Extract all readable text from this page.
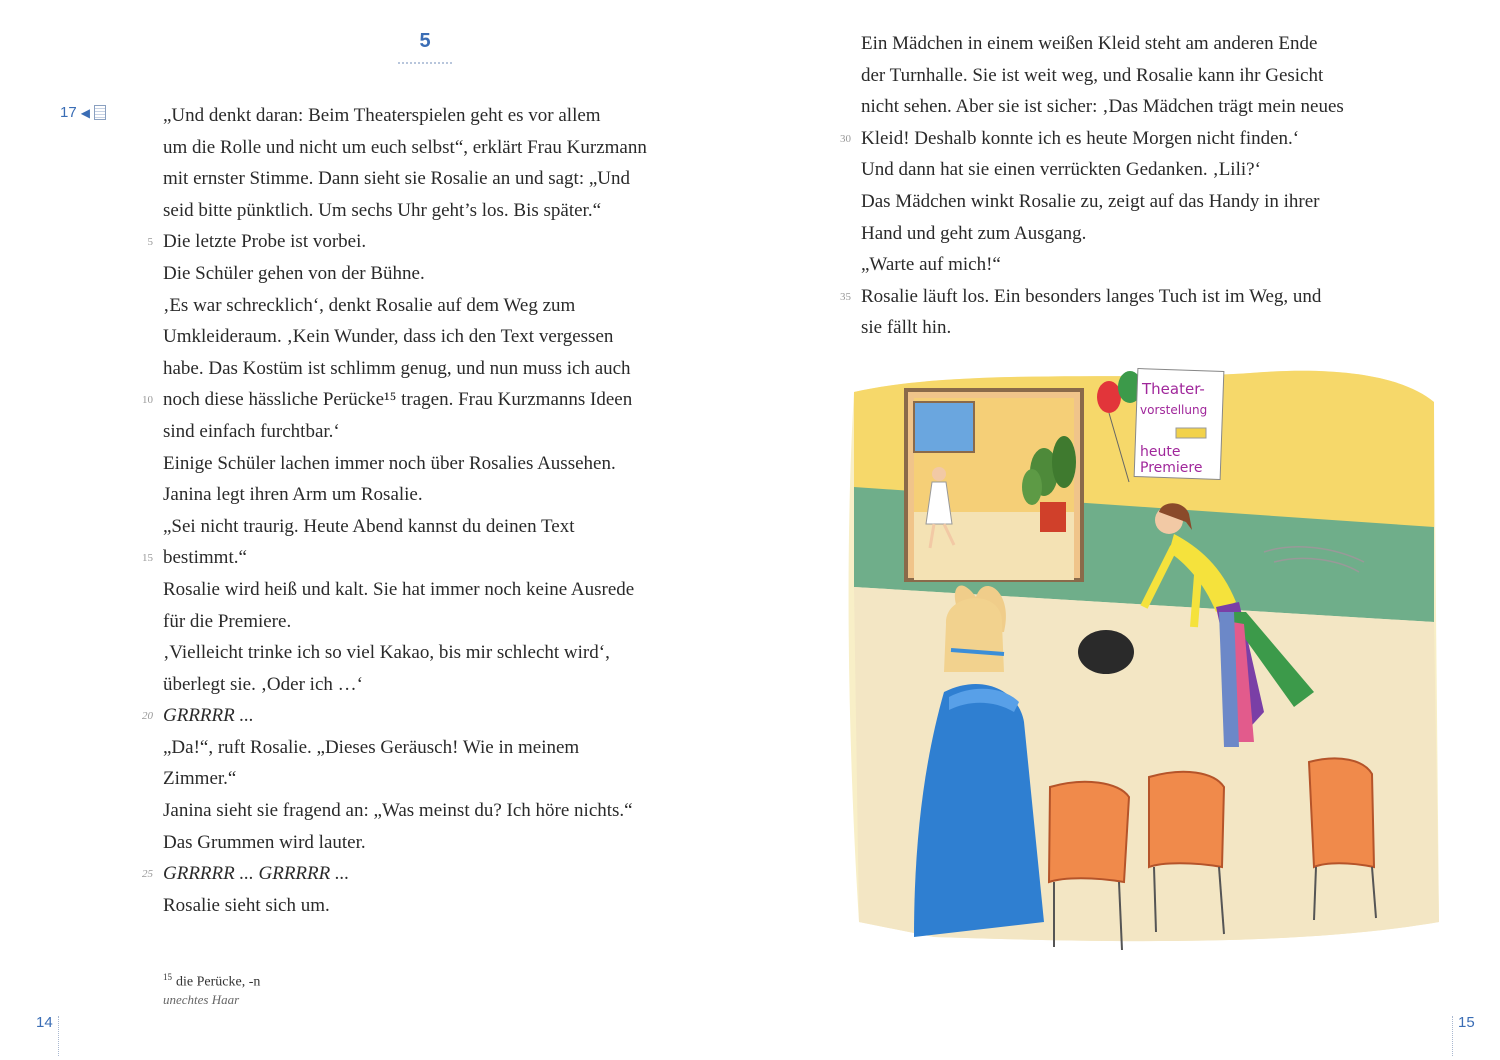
5
17 ◀	„Und denkt daran: Beim Theaterspielen geht es vor allem
um die Rolle und nicht um euch selbst“, erklärt Frau Kurzmann
mit ernster Stimme. Dann sieht sie Rosalie an und sagt: „Und
seid bitte pünktlich. Um sechs Uhr geht’s los. Bis später.“
5 Die letzte Probe ist vorbei.
Die Schüler gehen von der Bühne.
‚Es war schrecklich‘, denkt Rosalie auf dem Weg zum
Umkleideraum. ‚Kein Wunder, dass ich den Text vergessen
habe. Das Kostüm ist schlimm genug, und nun muss ich auch
10 noch diese hässliche Perücke¹⁵ tragen. Frau Kurzmanns Ideen
sind einfach furchtbar.‘
Einige Schüler lachen immer noch über Rosalies Aussehen.
Janina legt ihren Arm um Rosalie.
„Sei nicht traurig. Heute Abend kannst du deinen Text
15 bestimmt.“
Rosalie wird heiß und kalt. Sie hat immer noch keine Ausrede
für die Premiere.
‚Vielleicht trinke ich so viel Kakao, bis mir schlecht wird‘,
überlegt sie. ‚Oder ich …‘
20 GRRRRR ...
„Da!“, ruft Rosalie. „Dieses Geräusch! Wie in meinem
Zimmer.“
Janina sieht sie fragend an: „Was meinst du? Ich höre nichts.“
Das Grummen wird lauter.
25 GRRRRR ... GRRRRR ...
Rosalie sieht sich um.
$^{15}$ die Perücke, -n
unechtes Haar
14
Ein Mädchen in einem weißen Kleid steht am anderen Ende
der Turnhalle. Sie ist weit weg, und Rosalie kann ihr Gesicht
nicht sehen. Aber sie ist sicher: ‚Das Mädchen trägt mein neues
30 Kleid! Deshalb konnte ich es heute Morgen nicht finden.‘
Und dann hat sie einen verrückten Gedanken. ‚Lili?‘
Das Mädchen winkt Rosalie zu, zeigt auf das Handy in ihrer
Hand und geht zum Ausgang.
„Warte auf mich!“
35 Rosalie läuft los. Ein besonders langes Tuch ist im Weg, und
sie fällt hin.
Theater-
vorstellung
heute
Premiere
15
